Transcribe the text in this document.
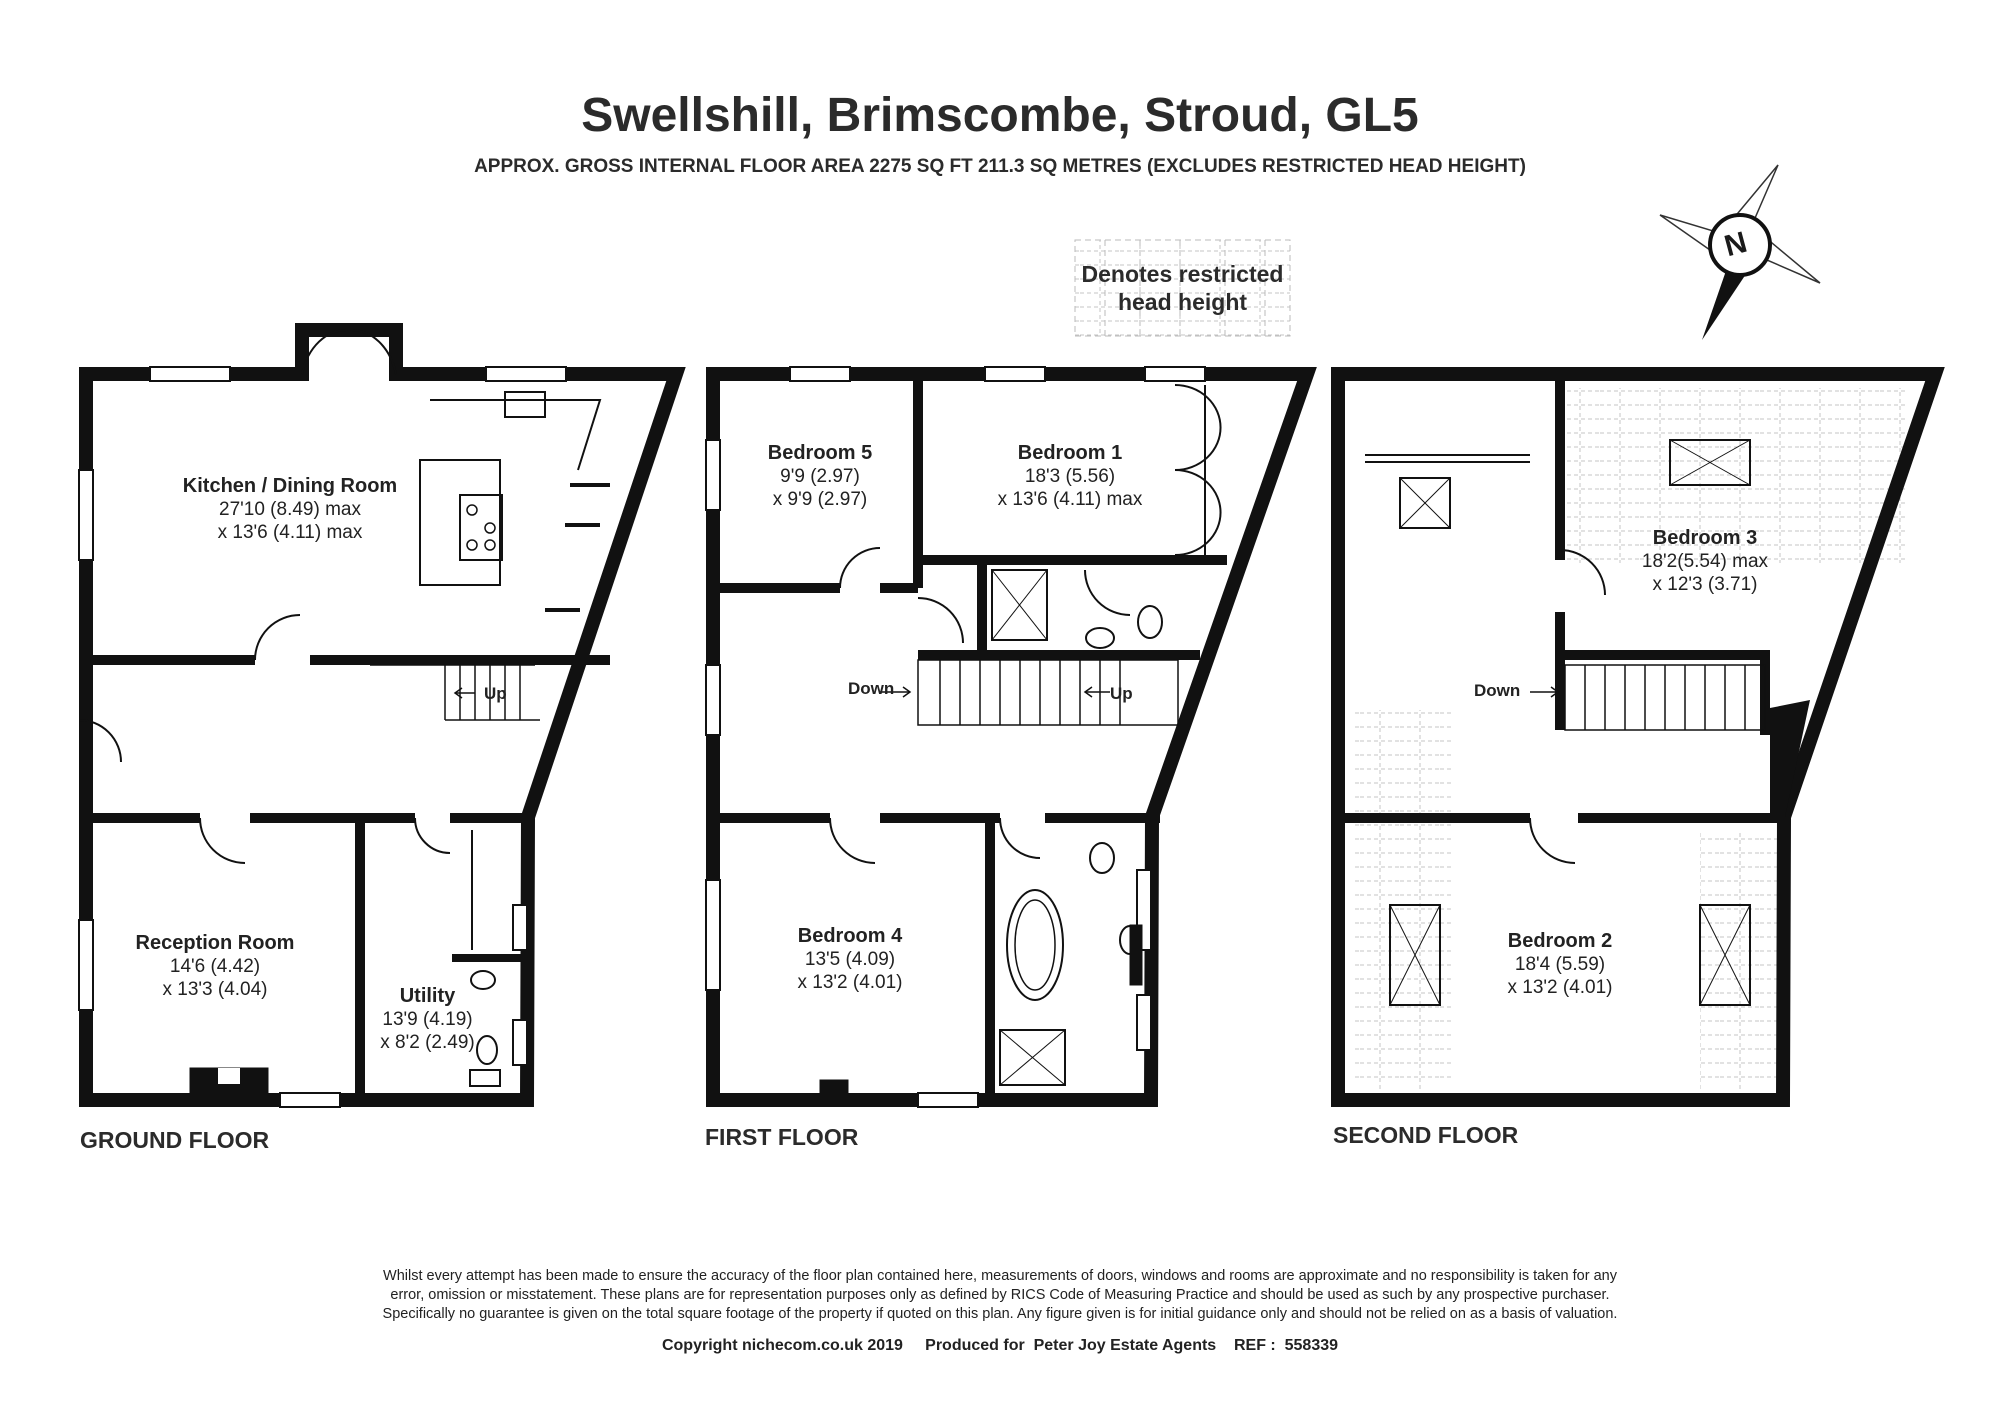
Swellshill, Brimscombe, Stroud, GL5
APPROX. GROSS INTERNAL FLOOR AREA 2275 SQ FT 211.3 SQ METRES (EXCLUDES RESTRICTED HEAD HEIGHT)
Denotes restricted
head height
N
Kitchen / Dining Room
27'10 (8.49) max
x 13'6 (4.11) max
Up
Reception Room
14'6 (4.42)
x 13'3 (4.04)	Utility
13'9 (4.19)
x 8'2 (2.49)
GROUND FLOOR
Bedroom 5
9'9 (2.97)
x 9'9 (2.97)
Bedroom 1
18'3 (5.56)
x 13'6 (4.11) max
Down	Up
Bedroom 4
13'5 (4.09)
x 13'2 (4.01)
FIRST FLOOR
Bedroom 3
18'2(5.54) max
x 12'3 (3.71)
Down
Bedroom 2
18'4 (5.59)
x 13'2 (4.01)
SECOND FLOOR
Whilst every attempt has been made to ensure the accuracy of the floor plan contained here, measurements of doors, windows and rooms are approximate and no responsibility is taken for any
error, omission or misstatement. These plans are for representation purposes only as defined by RICS Code of Measuring Practice and should be used as such by any prospective purchaser.
Specifically no guarantee is given on the total square footage of the property if quoted on this plan. Any figure given is for initial guidance only and should not be relied on as a basis of valuation.
Copyright nichecom.co.uk 2019     Produced for  Peter Joy Estate Agents    REF :  558339
